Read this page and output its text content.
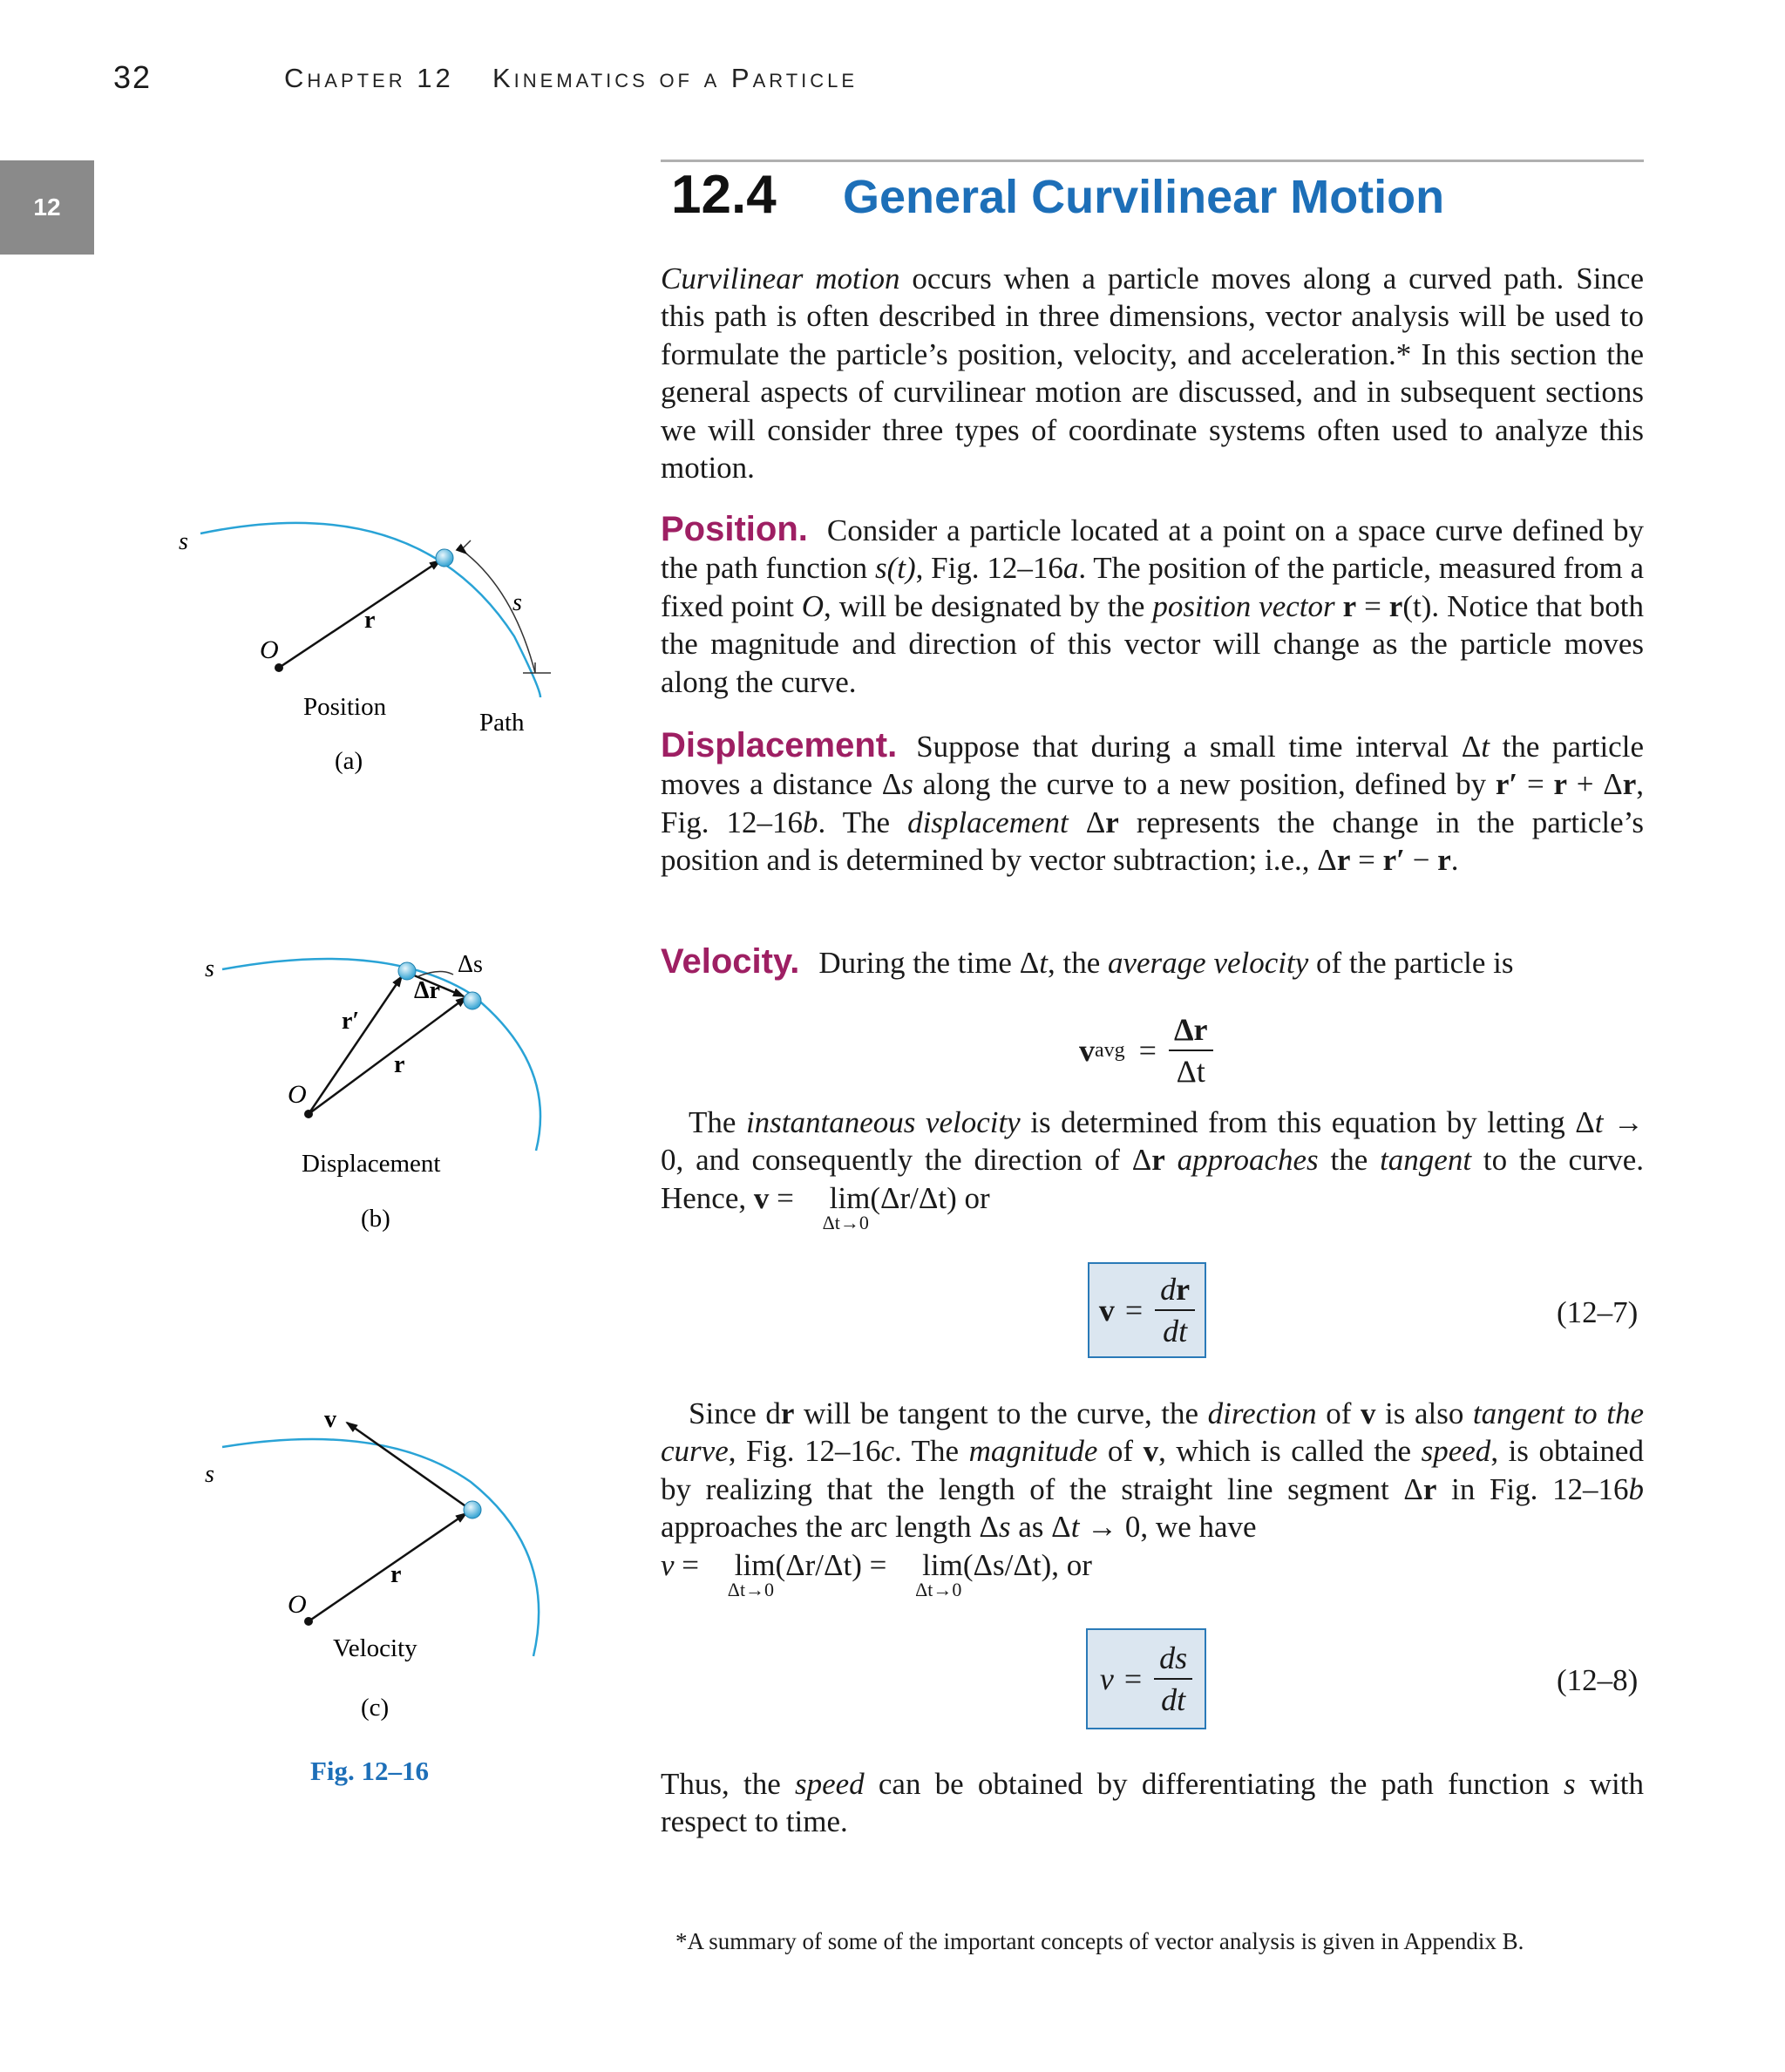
32	Chapter 12 Kinematics of a Particle
12	12.4 General Curvilinear Motion

Curvilinear motion occurs when a particle moves along a curved path. Since this path is often described in three dimensions, vector analysis will be used to formulate the particle’s position, velocity, and acceleration.* In this section the general aspects of curvilinear motion are discussed, and in subsequent sections we will consider three types of coordinate systems often used to analyze this motion.

Position. Consider a particle located at a point on a space curve defined by the path function s(t), Fig. 12–16a. The position of the particle, measured from a fixed point O, will be designated by the position vector r = r(t). Notice that both the magnitude and direction of this vector will change as the particle moves along the curve.

Displacement. Suppose that during a small time interval Δt the particle moves a distance Δs along the curve to a new position, defined by r′ = r + Δr, Fig. 12–16b. The displacement Δr represents the change in the particle’s position and is determined by vector subtraction; i.e., Δr = r′ − r.

Velocity. During the time Δt, the average velocity of the particle is

v avg = $\frac{\Delta r}{\Delta t}$

The instantaneous velocity is determined from this equation by letting Δt → 0, and consequently the direction of Δr approaches the tangent to the curve. Hence, v = lim
Δt→0
(Δr/Δt) or

$v = \frac{dr}{dt}$	(12–7)

Since dr will be tangent to the curve, the direction of v is also tangent to the curve, Fig. 12–16c. The magnitude of v, which is called the speed, is obtained by realizing that the length of the straight line segment Δr in Fig. 12–16b approaches the arc length Δs as Δt → 0, we have
v = lim
Δt→0
(Δr/Δt) = lim
Δt→0
(Δs/Δt), or

$v = \frac{ds}{dt}$	(12–8)

Thus, the speed can be obtained by differentiating the path function s with respect to time.

*A summary of some of the important concepts of vector analysis is given in Appendix B.
s
s
r
O
Position
Path
(a)
s	Δs
Δr
r′
r
O
Displacement
(b)
v
s
r
O
Velocity
(c)
Fig. 12–16
